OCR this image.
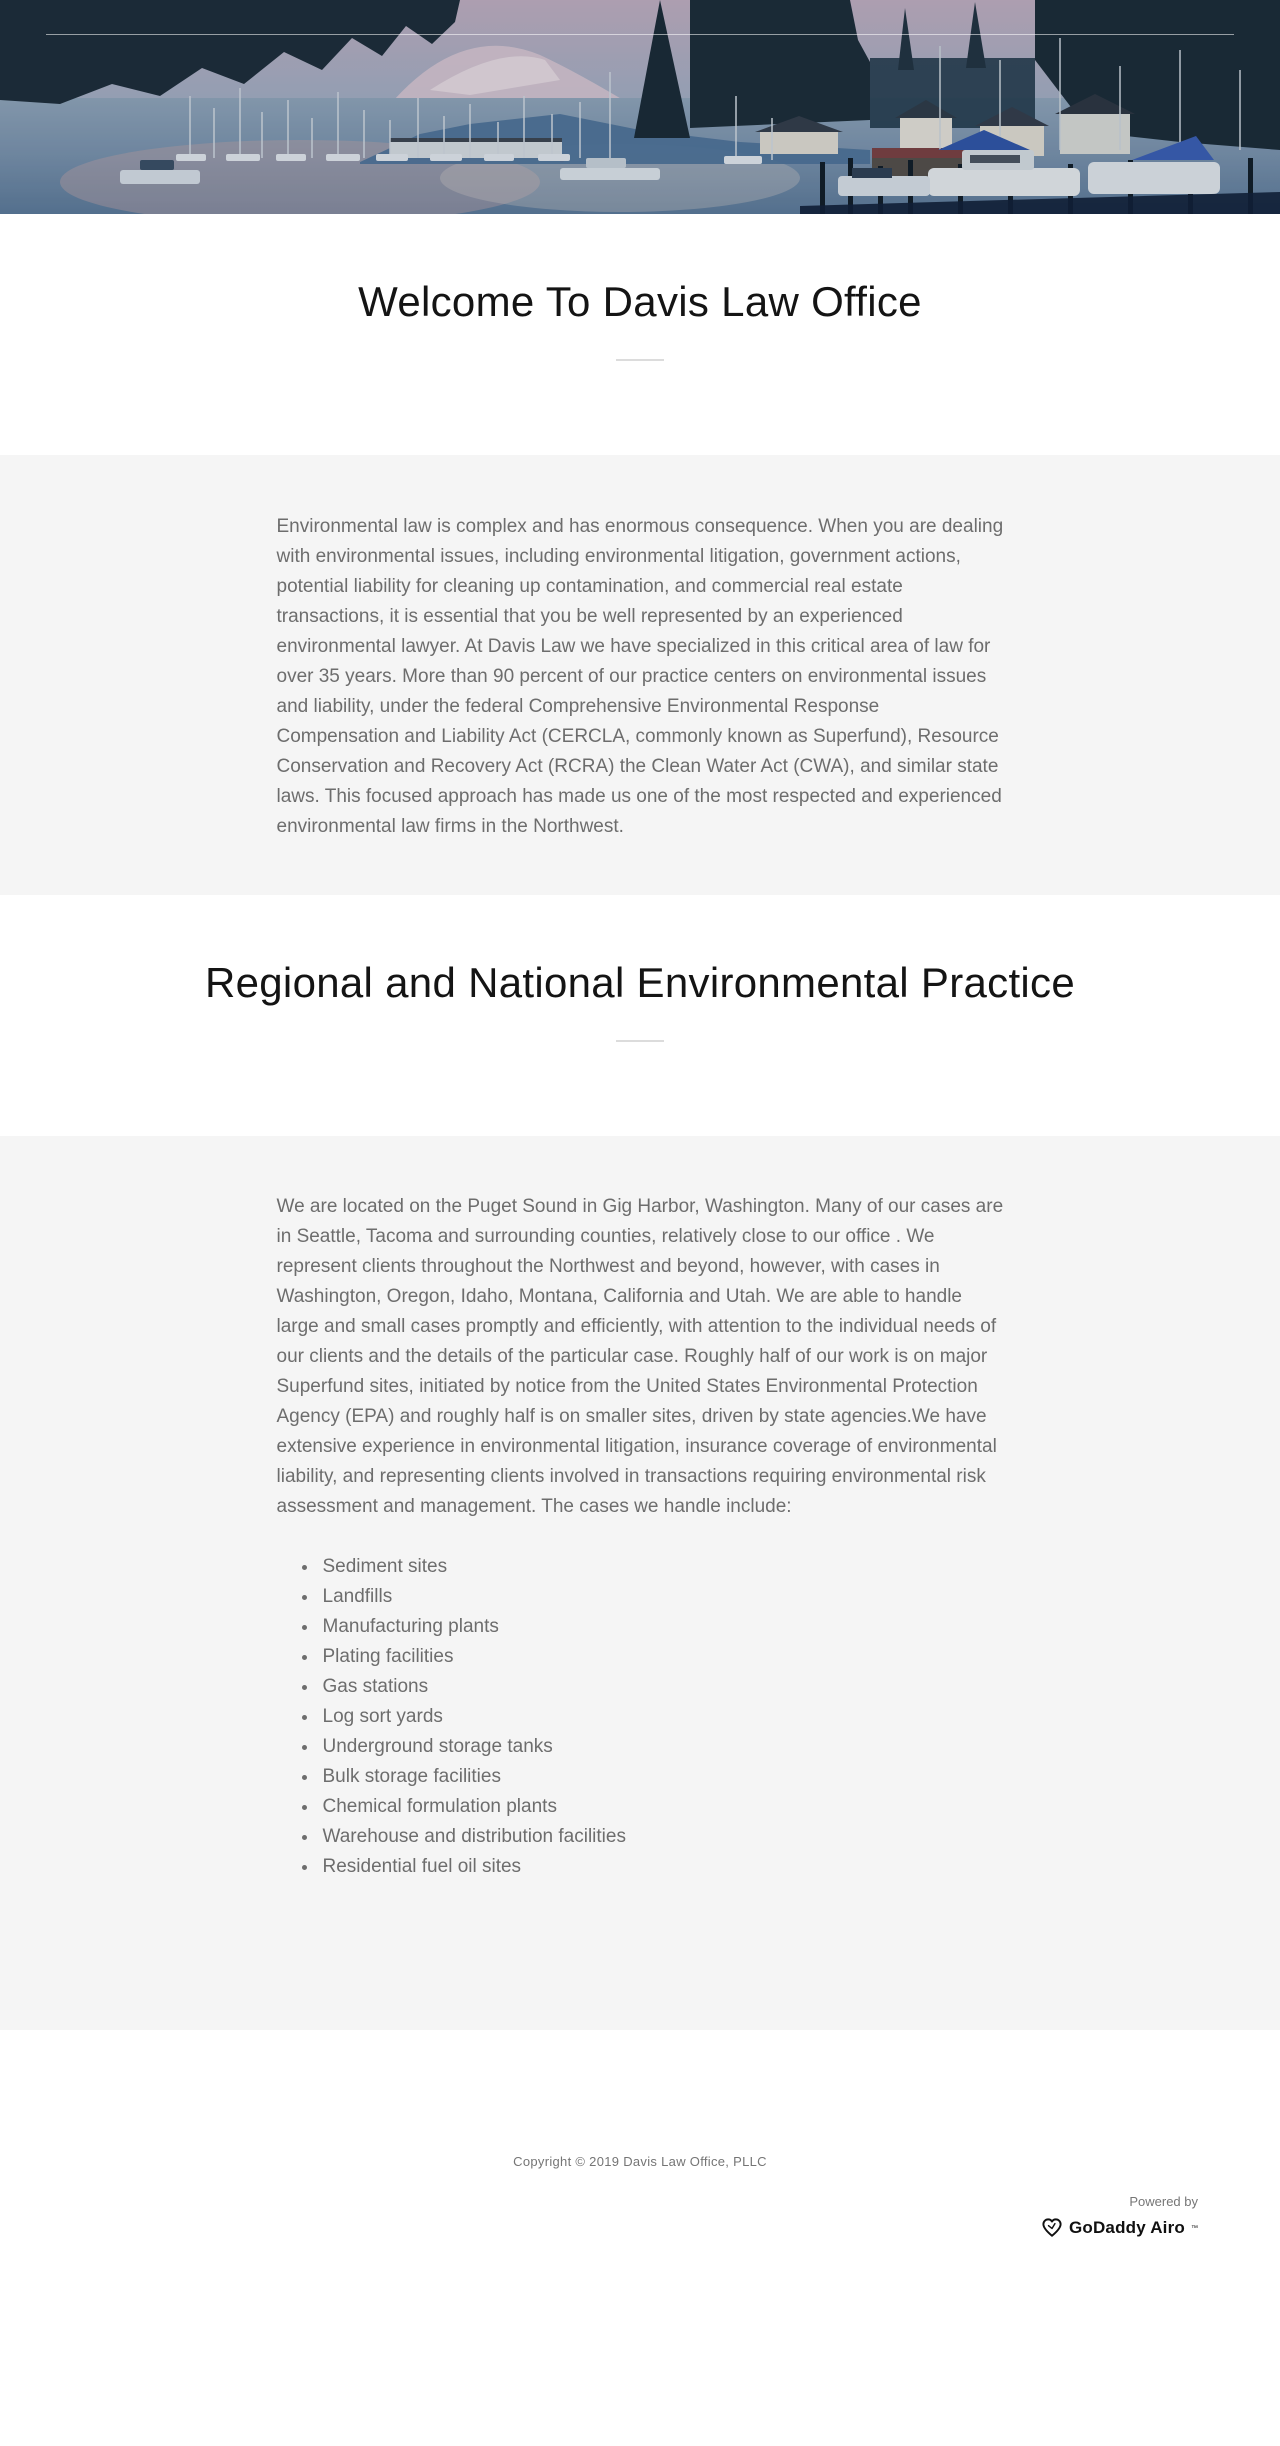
Welcome To Davis Law Office

Environmental law is complex and has enormous consequence. When you are dealing with environmental issues, including environmental litigation, government actions, potential liability for cleaning up contamination, and commercial real estate transactions, it is essential that you be well represented by an experienced environmental lawyer. At Davis Law we have specialized in this critical area of law for over 35 years. More than 90 percent of our practice centers on environmental issues and liability, under the federal Comprehensive Environmental Response Compensation and Liability Act (CERCLA, commonly known as Superfund), Resource Conservation and Recovery Act (RCRA) the Clean Water Act (CWA), and similar state laws. This focused approach has made us one of the most respected and experienced environmental law firms in the Northwest.

Regional and National Environmental Practice

We are located on the Puget Sound in Gig Harbor, Washington. Many of our cases are in Seattle, Tacoma and surrounding counties, relatively close to our office . We represent clients throughout the Northwest and beyond, however, with cases in Washington, Oregon, Idaho, Montana, California and Utah. We are able to handle large and small cases promptly and efficiently, with attention to the individual needs of our clients and the details of the particular case. Roughly half of our work is on major Superfund sites, initiated by notice from the United States Environmental Protection Agency (EPA) and roughly half is on smaller sites, driven by state agencies.We have extensive experience in environmental litigation, insurance coverage of environmental liability, and representing clients involved in transactions requiring environmental risk assessment and management. The cases we handle include:

• Sediment sites
• Landfills
• Manufacturing plants
• Plating facilities
• Gas stations
• Log sort yards
• Underground storage tanks
• Bulk storage facilities
• Chemical formulation plants
• Warehouse and distribution facilities
• Residential fuel oil sites

Copyright © 2019 Davis Law Office, PLLC

Powered by
GoDaddy Airo ™
